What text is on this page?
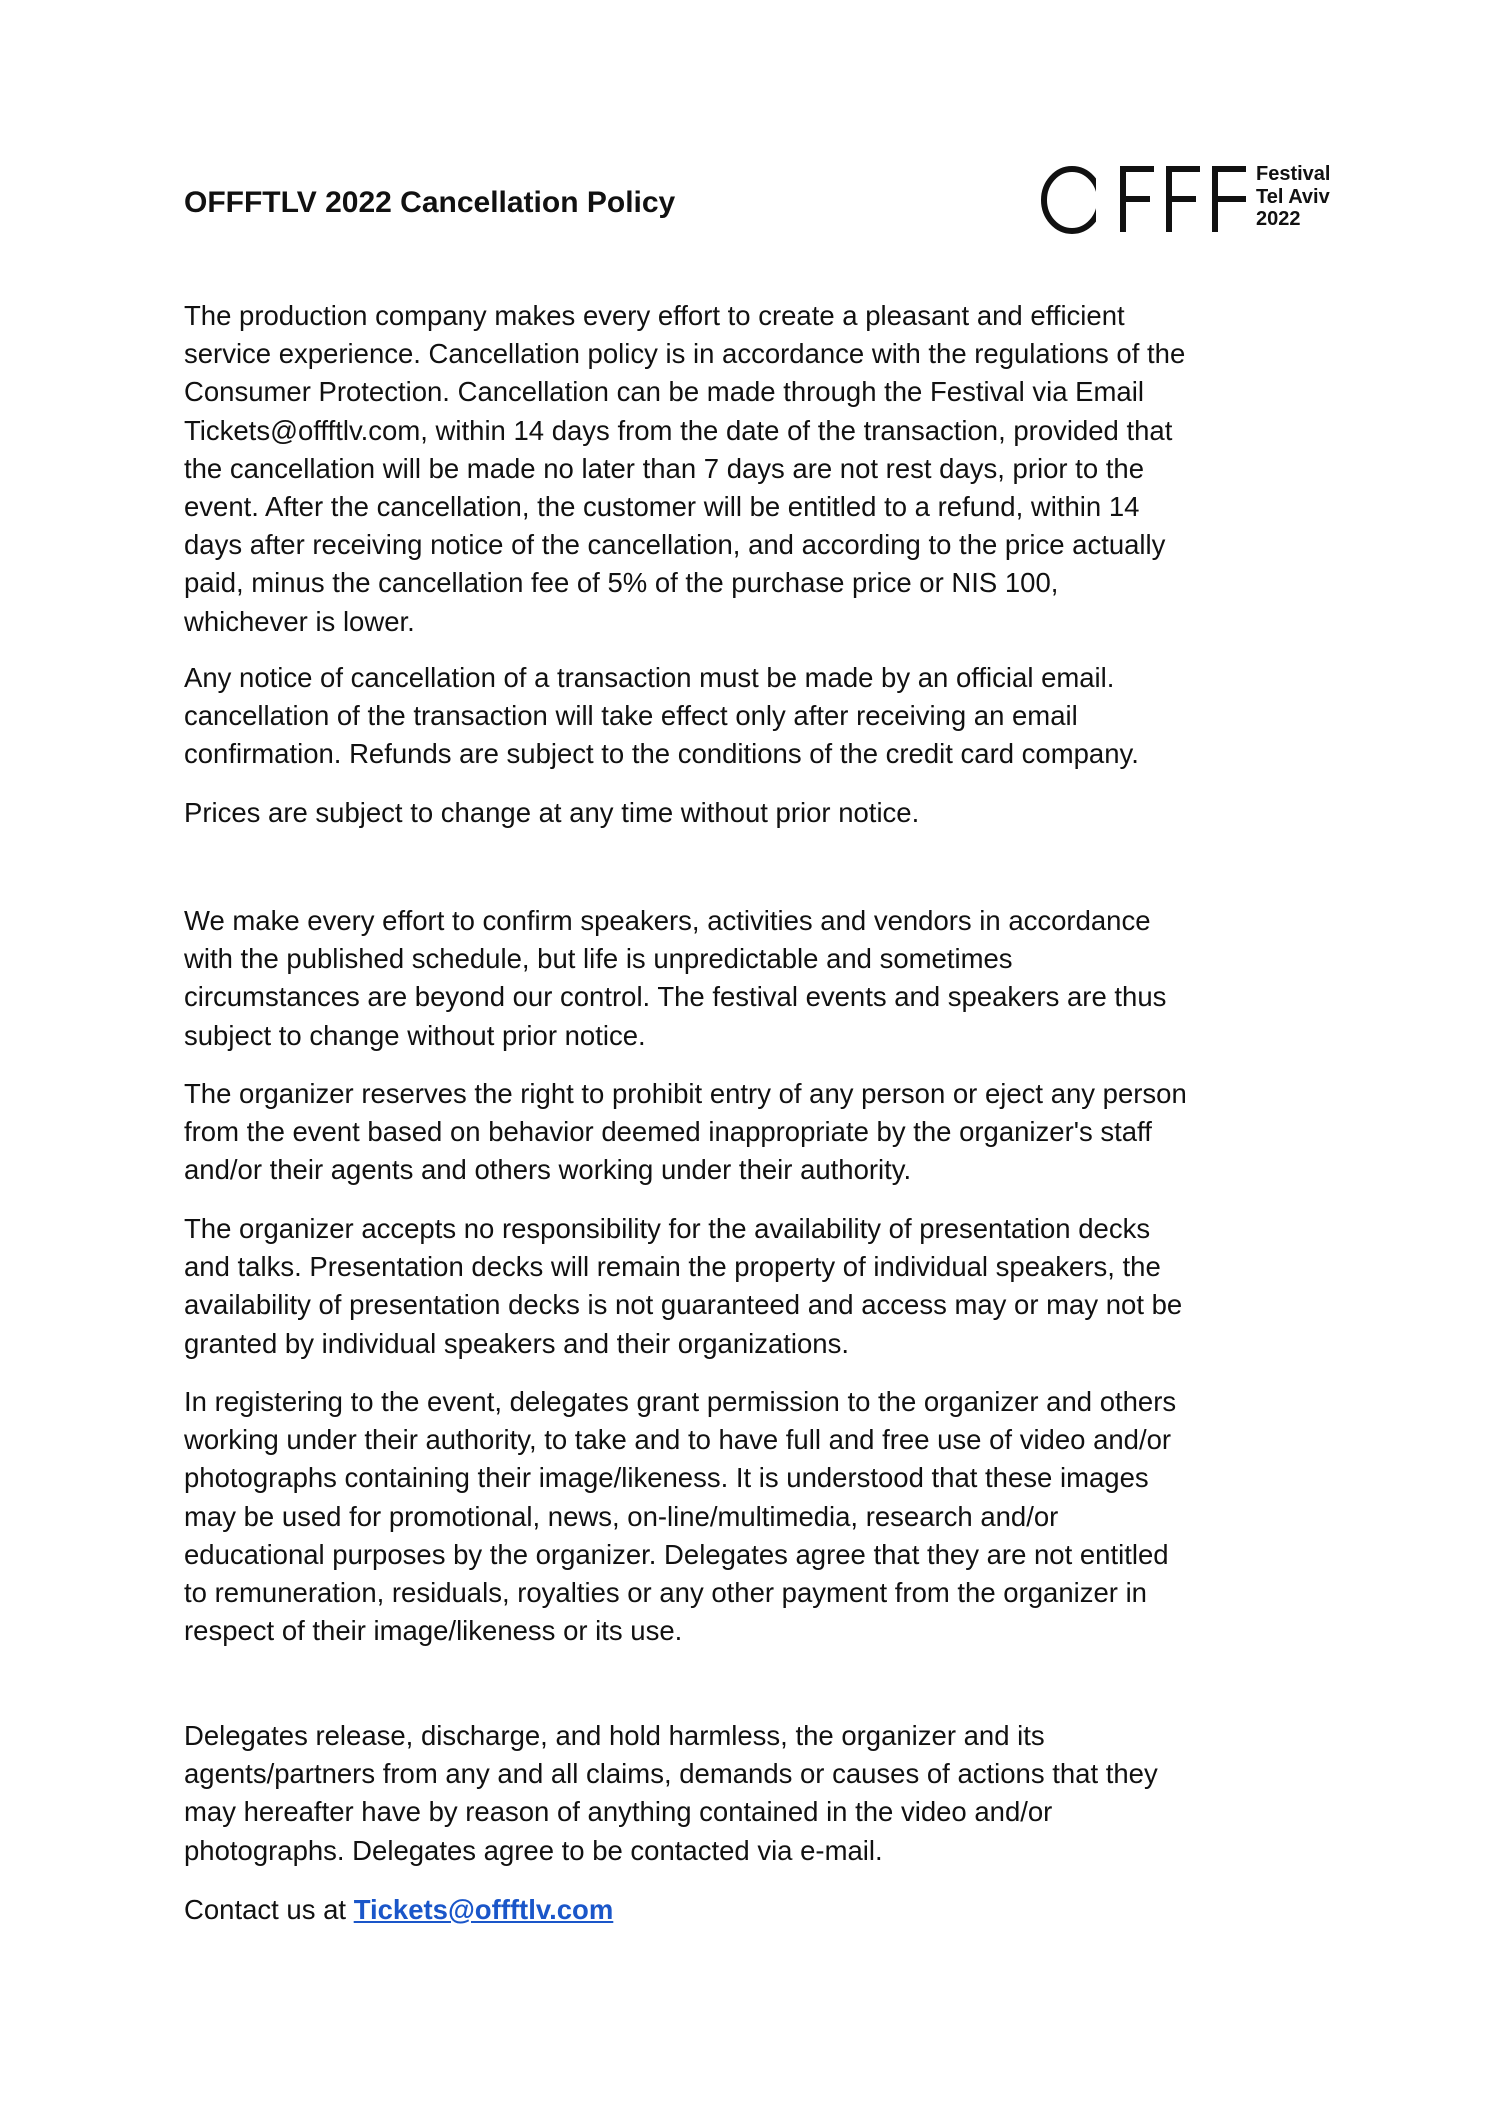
OFFFTLV 2022 Cancellation Policy
Festival
Tel Aviv
2022
The production company makes every effort to create a pleasant and efficient
service experience. Cancellation policy is in accordance with the regulations of the
Consumer Protection. Cancellation can be made through the Festival via Email
Tickets@offftlv.com, within 14 days from the date of the transaction, provided that
the cancellation will be made no later than 7 days are not rest days, prior to the
event. After the cancellation, the customer will be entitled to a refund, within 14
days after receiving notice of the cancellation, and according to the price actually
paid, minus the cancellation fee of 5% of the purchase price or NIS 100,
whichever is lower.
Any notice of cancellation of a transaction must be made by an official email.
cancellation of the transaction will take effect only after receiving an email
confirmation. Refunds are subject to the conditions of the credit card company.
Prices are subject to change at any time without prior notice.
We make every effort to confirm speakers, activities and vendors in accordance
with the published schedule, but life is unpredictable and sometimes
circumstances are beyond our control. The festival events and speakers are thus
subject to change without prior notice.
The organizer reserves the right to prohibit entry of any person or eject any person
from the event based on behavior deemed inappropriate by the organizer's staff
and/or their agents and others working under their authority.
The organizer accepts no responsibility for the availability of presentation decks
and talks. Presentation decks will remain the property of individual speakers, the
availability of presentation decks is not guaranteed and access may or may not be
granted by individual speakers and their organizations.
In registering to the event, delegates grant permission to the organizer and others
working under their authority, to take and to have full and free use of video and/or
photographs containing their image/likeness. It is understood that these images
may be used for promotional, news, on-line/multimedia, research and/or
educational purposes by the organizer. Delegates agree that they are not entitled
to remuneration, residuals, royalties or any other payment from the organizer in
respect of their image/likeness or its use.
Delegates release, discharge, and hold harmless, the organizer and its
agents/partners from any and all claims, demands or causes of actions that they
may hereafter have by reason of anything contained in the video and/or
photographs. Delegates agree to be contacted via e-mail.
Contact us at Tickets@offftlv.com
